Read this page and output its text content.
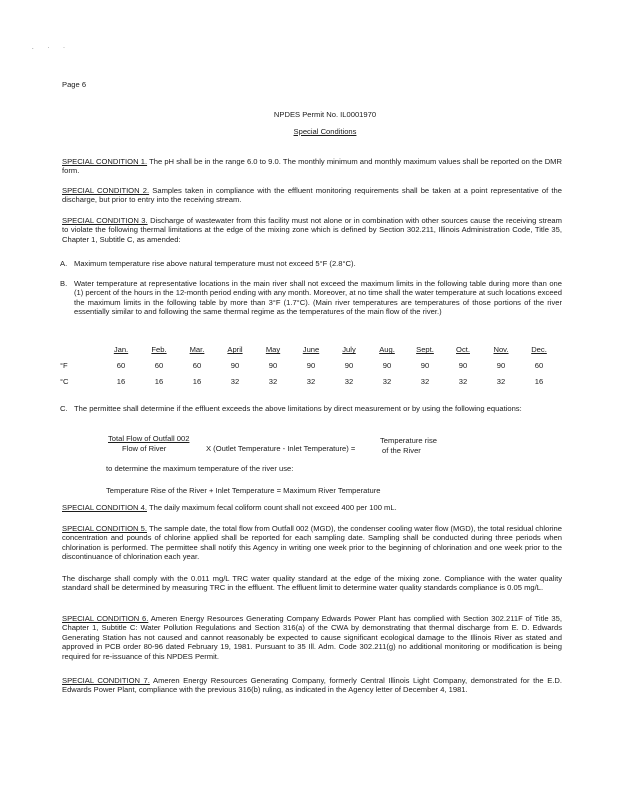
. · ·
Page 6
NPDES Permit No. IL0001970
Special Conditions
SPECIAL CONDITION 1. The pH shall be in the range 6.0 to 9.0. The monthly minimum and monthly maximum values shall be reported on the DMR form.
SPECIAL CONDITION 2. Samples taken in compliance with the effluent monitoring requirements shall be taken at a point representative of the discharge, but prior to entry into the receiving stream.
SPECIAL CONDITION 3. Discharge of wastewater from this facility must not alone or in combination with other sources cause the receiving stream to violate the following thermal limitations at the edge of the mixing zone which is defined by Section 302.211, Illinois Administration Code, Title 35, Chapter 1, Subtitle C, as amended:
A. Maximum temperature rise above natural temperature must not exceed 5°F (2.8°C).
B. Water temperature at representative locations in the main river shall not exceed the maximum limits in the following table during more than one (1) percent of the hours in the 12-month period ending with any month. Moreover, at no time shall the water temperature at such locations exceed the maximum limits in the following table by more than 3°F (1.7°C). (Main river temperatures are temperatures of those portions of the river essentially similar to and following the same thermal regime as the temperatures of the main flow of the river.)
	Jan.	Feb.	Mar.	April	May	June	July	Aug.	Sept.	Oct.	Nov.	Dec.
°F	60	60	60	90	90	90	90	90	90	90	90	60
°C	16	16	16	32	32	32	32	32	32	32	32	16
C. The permittee shall determine if the effluent exceeds the above limitations by direct measurement or by using the following equations:
Total Flow of Outfall 002
Flow of River	X (Outlet Temperature - Inlet Temperature) =
Temperature rise
of the River
to determine the maximum temperature of the river use:
Temperature Rise of the River + Inlet Temperature = Maximum River Temperature
SPECIAL CONDITION 4. The daily maximum fecal coliform count shall not exceed 400 per 100 mL.
SPECIAL CONDITION 5. The sample date, the total flow from Outfall 002 (MGD), the condenser cooling water flow (MGD), the total residual chlorine concentration and pounds of chlorine applied shall be reported for each sampling date. Sampling shall be conducted during three periods when chlorination is performed. The permittee shall notify this Agency in writing one week prior to the beginning of chlorination and one week prior to the discontinuance of chlorination each year.
The discharge shall comply with the 0.011 mg/L TRC water quality standard at the edge of the mixing zone. Compliance with the water quality standard shall be determined by measuring TRC in the effluent. The effluent limit to determine water quality standards compliance is 0.05 mg/L.
SPECIAL CONDITION 6. Ameren Energy Resources Generating Company Edwards Power Plant has complied with Section 302.211F of Title 35, Chapter 1, Subtitle C: Water Pollution Regulations and Section 316(a) of the CWA by demonstrating that thermal discharge from E. D. Edwards Generating Station has not caused and cannot reasonably be expected to cause significant ecological damage to the Illinois River as stated and approved in PCB order 80-96 dated February 19, 1981. Pursuant to 35 Ill. Adm. Code 302.211(g) no additional monitoring or modification is being required for re-issuance of this NPDES Permit.
SPECIAL CONDITION 7. Ameren Energy Resources Generating Company, formerly Central Illinois Light Company, demonstrated for the E.D. Edwards Power Plant, compliance with the previous 316(b) ruling, as indicated in the Agency letter of December 4, 1981.
